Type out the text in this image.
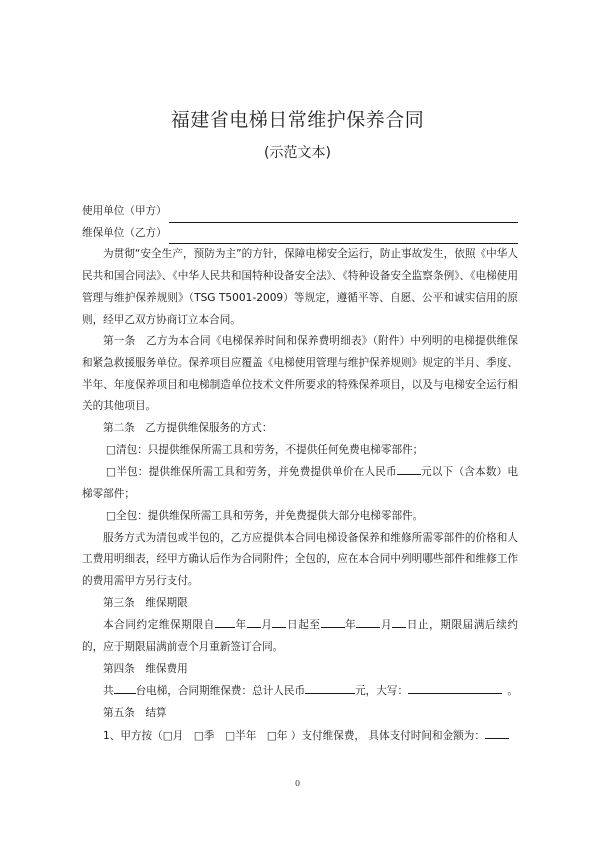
福建省电梯日常维护保养合同
(示范文本)

使用单位（甲方）

维保单位（乙方）

为贯彻“安全生产，预防为主”的方针，保障电梯安全运行，防止事故发生，依照《中华人民共和国合同法》、《中华人民共和国特种设备安全法》、《特种设备安全监察条例》、《电梯使用管理与维护保养规则》（TSG T5001-2009）等规定，遵循平等、自愿、公平和诚实信用的原则，经甲乙双方协商订立本合同。

第一条　乙方为本合同《电梯保养时间和保养费明细表》（附件）中列明的电梯提供维保和紧急救援服务单位。保养项目应覆盖《电梯使用管理与维护保养规则》规定的半月、季度、半年、年度保养项目和电梯制造单位技术文件所要求的特殊保养项目，以及与电梯安全运行相关的其他项目。

第二条　乙方提供维保服务的方式：

□清包：只提供维保所需工具和劳务，不提供任何免费电梯零部件；

□半包：提供维保所需工具和劳务，并免费提供单价在人民币 元以下（含本数）电梯零部件；

□全包：提供维保所需工具和劳务，并免费提供大部分电梯零部件。

服务方式为清包或半包的，乙方应提供本合同电梯设备保养和维修所需零部件的价格和人工费用明细表，经甲方确认后作为合同附件；全包的，应在本合同中列明哪些部件和维修工作的费用需甲方另行支付。

第三条　维保期限

本合同约定维保期限自 年 月 日起至 年 月 日止，期限届满后续约的，应于期限届满前壹个月重新签订合同。

第四条　维保费用

共 台电梯，合同期维保费：总计人民币	元，大写： 	。

第五条　结算

1、甲方按（□月　□季　□半年　□年 ）支付维保费， 具体支付时间和金额为：

0
